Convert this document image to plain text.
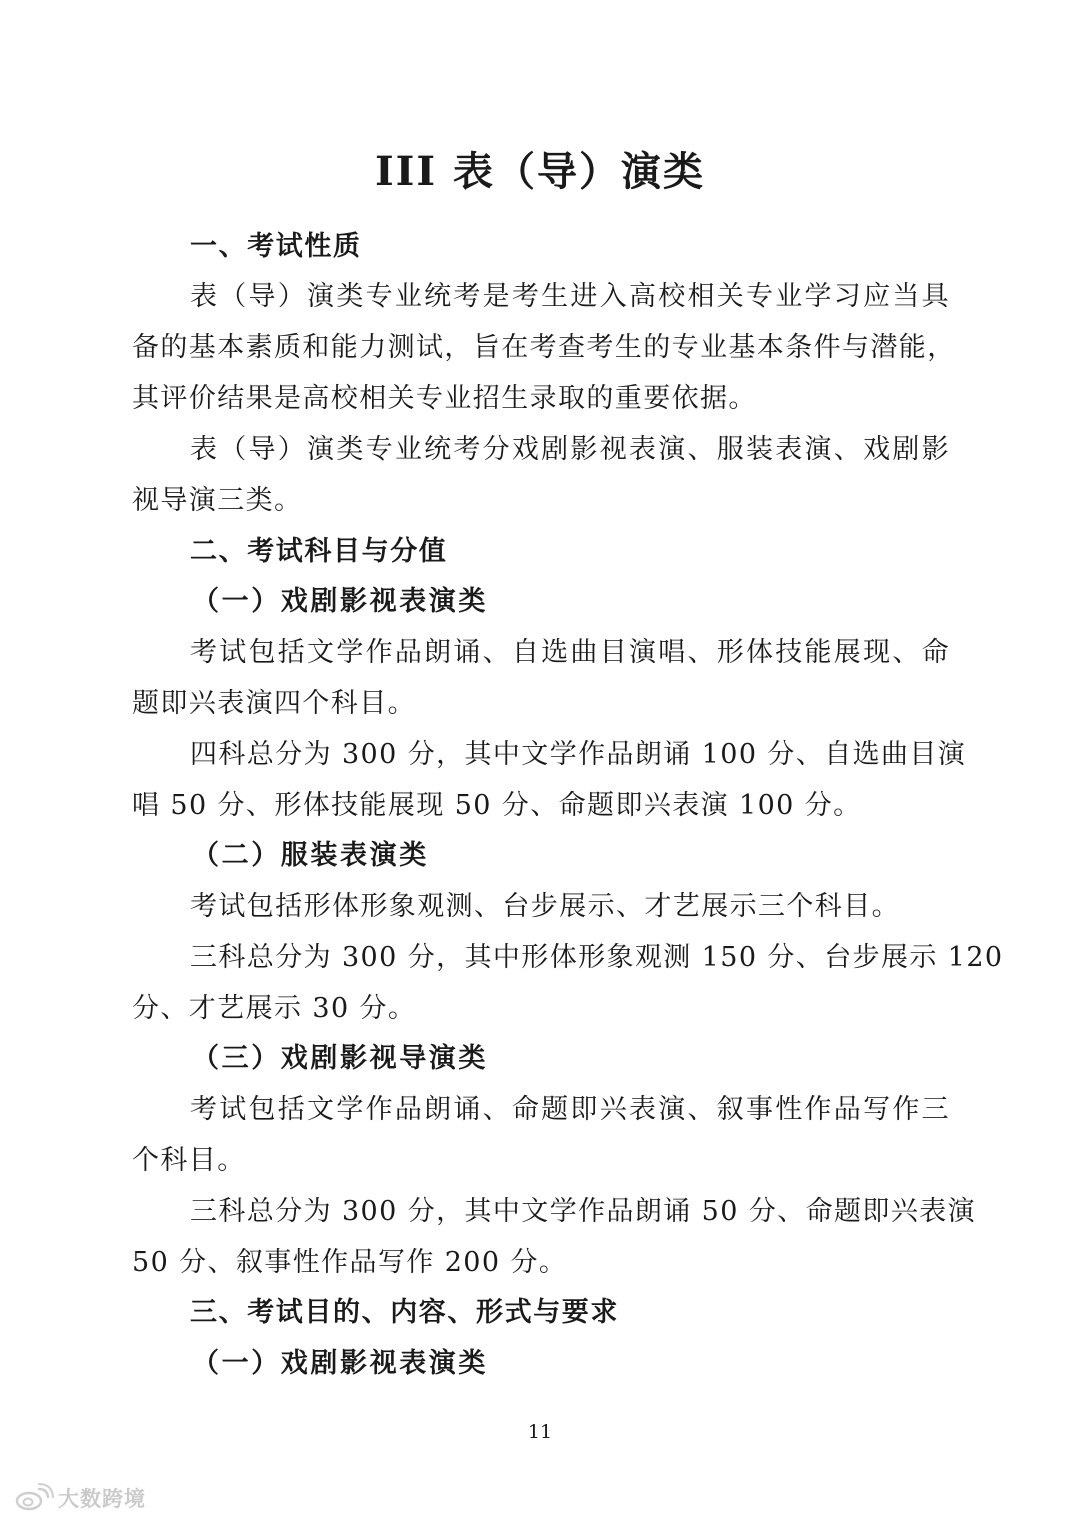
III 表（导）演类
一、考试性质
表（导）演类专业统考是考生进入高校相关专业学习应当具
备的基本素质和能力测试，旨在考查考生的专业基本条件与潜能，
其评价结果是高校相关专业招生录取的重要依据。
表（导）演类专业统考分戏剧影视表演、服装表演、戏剧影
视导演三类。
二、考试科目与分值
（一）戏剧影视表演类
考试包括文学作品朗诵、自选曲目演唱、形体技能展现、命
题即兴表演四个科目。
四科总分为 300 分，其中文学作品朗诵 100 分、自选曲目演
唱 50 分、形体技能展现 50 分、命题即兴表演 100 分。
（二）服装表演类
考试包括形体形象观测、台步展示、才艺展示三个科目。
三科总分为 300 分，其中形体形象观测 150 分、台步展示 120
分、才艺展示 30 分。
（三）戏剧影视导演类
考试包括文学作品朗诵、命题即兴表演、叙事性作品写作三
个科目。
三科总分为 300 分，其中文学作品朗诵 50 分、命题即兴表演
50 分、叙事性作品写作 200 分。
三、考试目的、内容、形式与要求
（一）戏剧影视表演类
11
大数跨境
